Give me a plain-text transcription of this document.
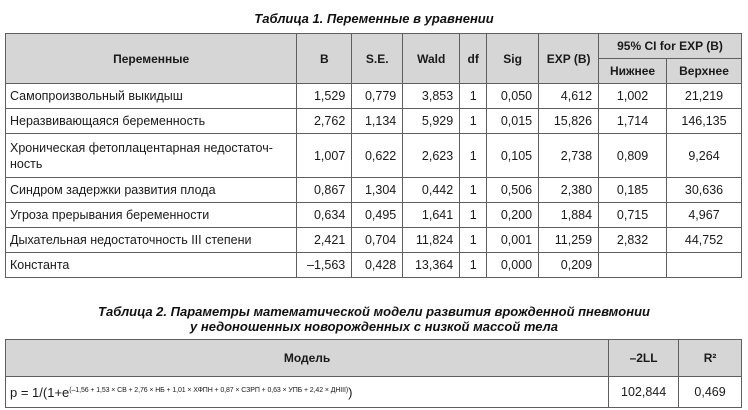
Таблица 1. Переменные в уравнении
Переменные	B	S.E.	Wald	df	Sig	EXP (B)	95% CI for EXP (B)	
							Нижнее	Верхнее
Самопроизвольный выкидыш	1,529	0,779	3,853	1	0,050	4,612	1,002	21,219
Неразвивающаяся беременность	2,762	1,134	5,929	1	0,015	15,826	1,714	146,135
Хроническая фетоплацентарная недостаточ-
ность	1,007	0,622	2,623	1	0,105	2,738	0,809	9,264
Синдром задержки развития плода	0,867	1,304	0,442	1	0,506	2,380	0,185	30,636
Угроза прерывания беременности	0,634	0,495	1,641	1	0,200	1,884	0,715	4,967
Дыхательная недостаточность III степени	2,421	0,704	11,824	1	0,001	11,259	2,832	44,752
Константа	–1,563	0,428	13,364	1	0,000	0,209		
Таблица 2. Параметры математической модели развития врожденной пневмонии
у недоношенных новорожденных с низкой массой тела
Модель	–2LL	R²
$p = 1/(1+e^{(-1,56 + 1,53 \times СВ + 2,76 \times НБ + 1,01 \times ХФПН + 0,87 \times СЗРП + 0,63 \times УПБ + 2,42 \times ДНIII)})$	102,844	0,469
